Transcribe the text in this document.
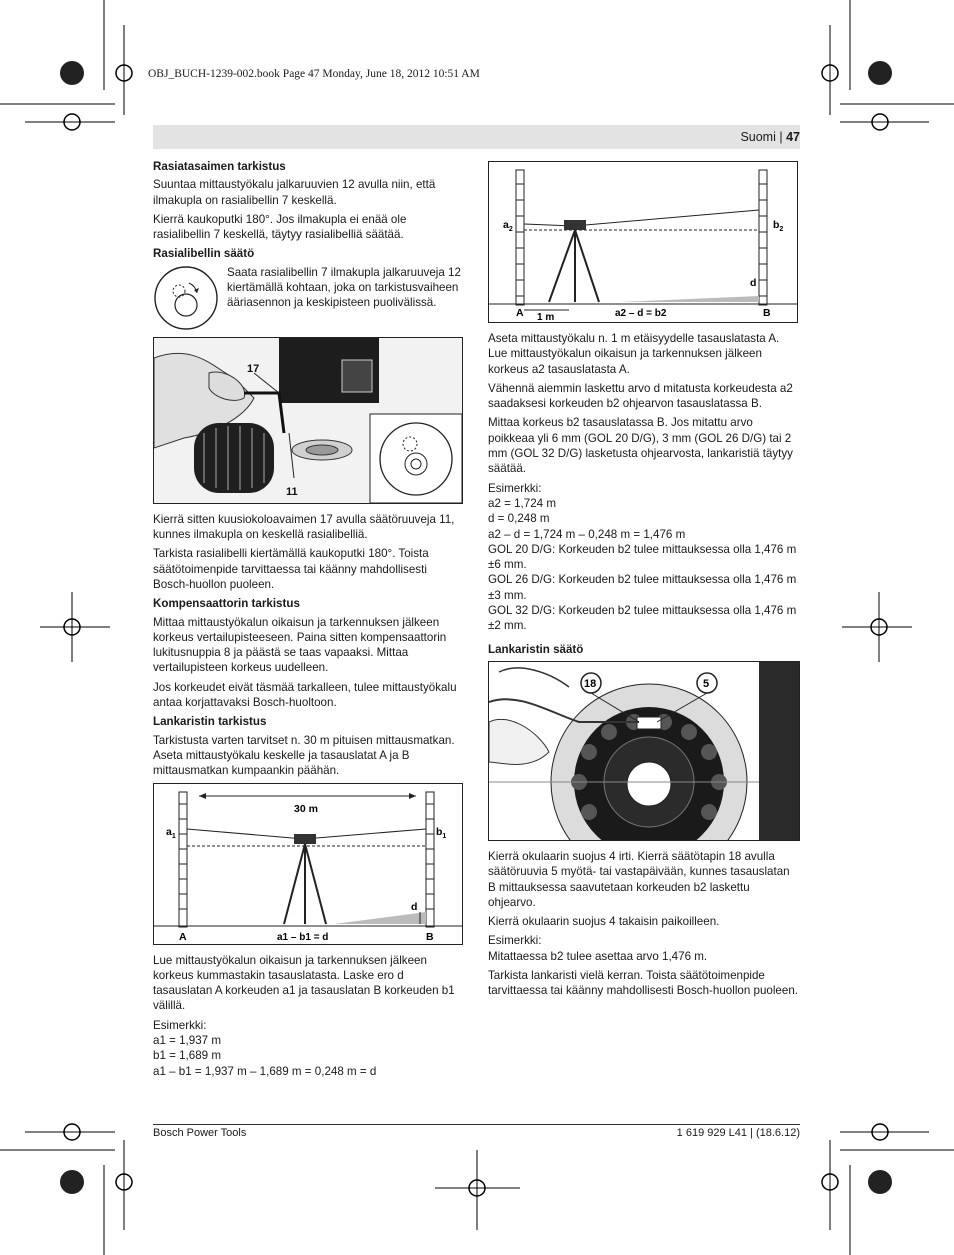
OBJ_BUCH-1239-002.book Page 47 Monday, June 18, 2012 10:51 AM
Suomi | 47
Rasiatasaimen tarkistus

Suuntaa mittaustyökalu jalkaruuvien 12 avulla niin, että ilmakupla on rasialibellin 7 keskellä.

Kierrä kaukoputki 180°. Jos ilmakupla ei enää ole rasialibellin 7 keskellä, täytyy rasialibelliä säätää.

Rasialibellin säätö

Saata rasialibellin 7 ilmakupla jalkaruuveja 12 kiertämällä kohtaan, joka on tarkistusvaiheen ääriasennon ja keskipisteen puolivälissä.

17
11

Kierrä sitten kuusiokoloavaimen 17 avulla säätöruuveja 11, kunnes ilmakupla on keskellä rasialibelliä.

Tarkista rasialibelli kiertämällä kaukoputki 180°. Toista säätötoimenpide tarvittaessa tai käänny mahdollisesti Bosch-huollon puoleen.

Kompensaattorin tarkistus

Mittaa mittaustyökalun oikaisun ja tarkennuksen jälkeen korkeus vertailupisteeseen. Paina sitten kompensaattorin lukitusnuppia 8 ja päästä se taas vapaaksi. Mittaa vertailupisteen korkeus uudelleen.

Jos korkeudet eivät täsmää tarkalleen, tulee mittaustyökalu antaa korjattavaksi Bosch-huoltoon.

Lankaristin tarkistus

Tarkistusta varten tarvitset n. 30 m pituisen mittausmatkan. Aseta mittaustyökalu keskelle ja tasauslatat A ja B mittausmatkan kumpaankin päähän.

30 m
$a_1$	$b_1$
d
A	B
a1 – b1 = d

Lue mittaustyökalun oikaisun ja tarkennuksen jälkeen korkeus kummastakin tasauslatasta. Laske ero d tasauslatan A korkeuden a1 ja tasauslatan B korkeuden b1 välillä.

Esimerkki:

a1 = 1,937 m

b1 = 1,689 m

a1 – b1 = 1,937 m – 1,689 m = 0,248 m = d

$a_2$	$b_2$
d
A	B
1 m	a2 – d = b2

Aseta mittaustyökalu n. 1 m etäisyydelle tasauslatasta A. Lue mittaustyökalun oikaisun ja tarkennuksen jälkeen korkeus a2 tasauslatasta A.

Vähennä aiemmin laskettu arvo d mitatusta korkeudesta a2 saadaksesi korkeuden b2 ohjearvon tasauslatassa B.

Mittaa korkeus b2 tasauslatassa B. Jos mitattu arvo poikkeaa yli 6 mm (GOL 20 D/G), 3 mm (GOL 26 D/G) tai 2 mm (GOL 32 D/G) lasketusta ohjearvosta, lankaristiä täytyy säätää.

Esimerkki:

a2 = 1,724 m

d = 0,248 m

a2 – d = 1,724 m – 0,248 m = 1,476 m

GOL 20 D/G: Korkeuden b2 tulee mittauksessa olla 1,476 m ±6 mm.

GOL 26 D/G: Korkeuden b2 tulee mittauksessa olla 1,476 m ±3 mm.

GOL 32 D/G: Korkeuden b2 tulee mittauksessa olla 1,476 m ±2 mm.

Lankaristin säätö
18	5

Kierrä okulaarin suojus 4 irti. Kierrä säätötapin 18 avulla säätöruuvia 5 myötä- tai vastapäivään, kunnes tasauslatan B mittauksessa saavutetaan korkeuden b2 laskettu ohjearvo.

Kierrä okulaarin suojus 4 takaisin paikoilleen.

Esimerkki:

Mitattaessa b2 tulee asettaa arvo 1,476 m.

Tarkista lankaristi vielä kerran. Toista säätötoimenpide tarvittaessa tai käänny mahdollisesti Bosch-huollon puoleen.

Bosch Power Tools	1 619 929 L41 | (18.6.12)
